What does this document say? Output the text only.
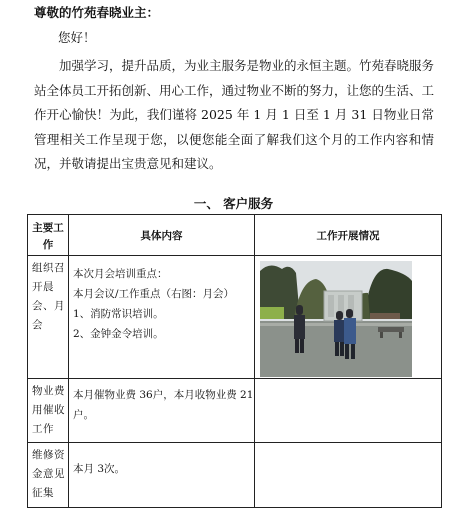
尊敬的竹苑春晓业主：
您好！

加强学习，提升品质，为业主服务是物业的永恒主题。竹苑春晓服务站全体员工开拓创新、用心工作，通过物业不断的努力，让您的生活、工作开心愉快！为此，我们谨将 2025 年 1 月 1 日至 1 月 31 日物业日常管理相关工作呈现于您，以便您能全面了解我们这个月的工作内容和情况，并敬请提出宝贵意见和建议。

一、 客户服务
主要工作	具体内容	工作开展情况
组织召开晨会、月会	本次月会培训重点：
本月会议/工作重点（右图：月会）
1、消防常识培训。
2、金钟金令培训。

物业费用催收工作	本月催物业费 36户，本月收物业费 21
户。	

维修资金意见征集	本月 3次。	
